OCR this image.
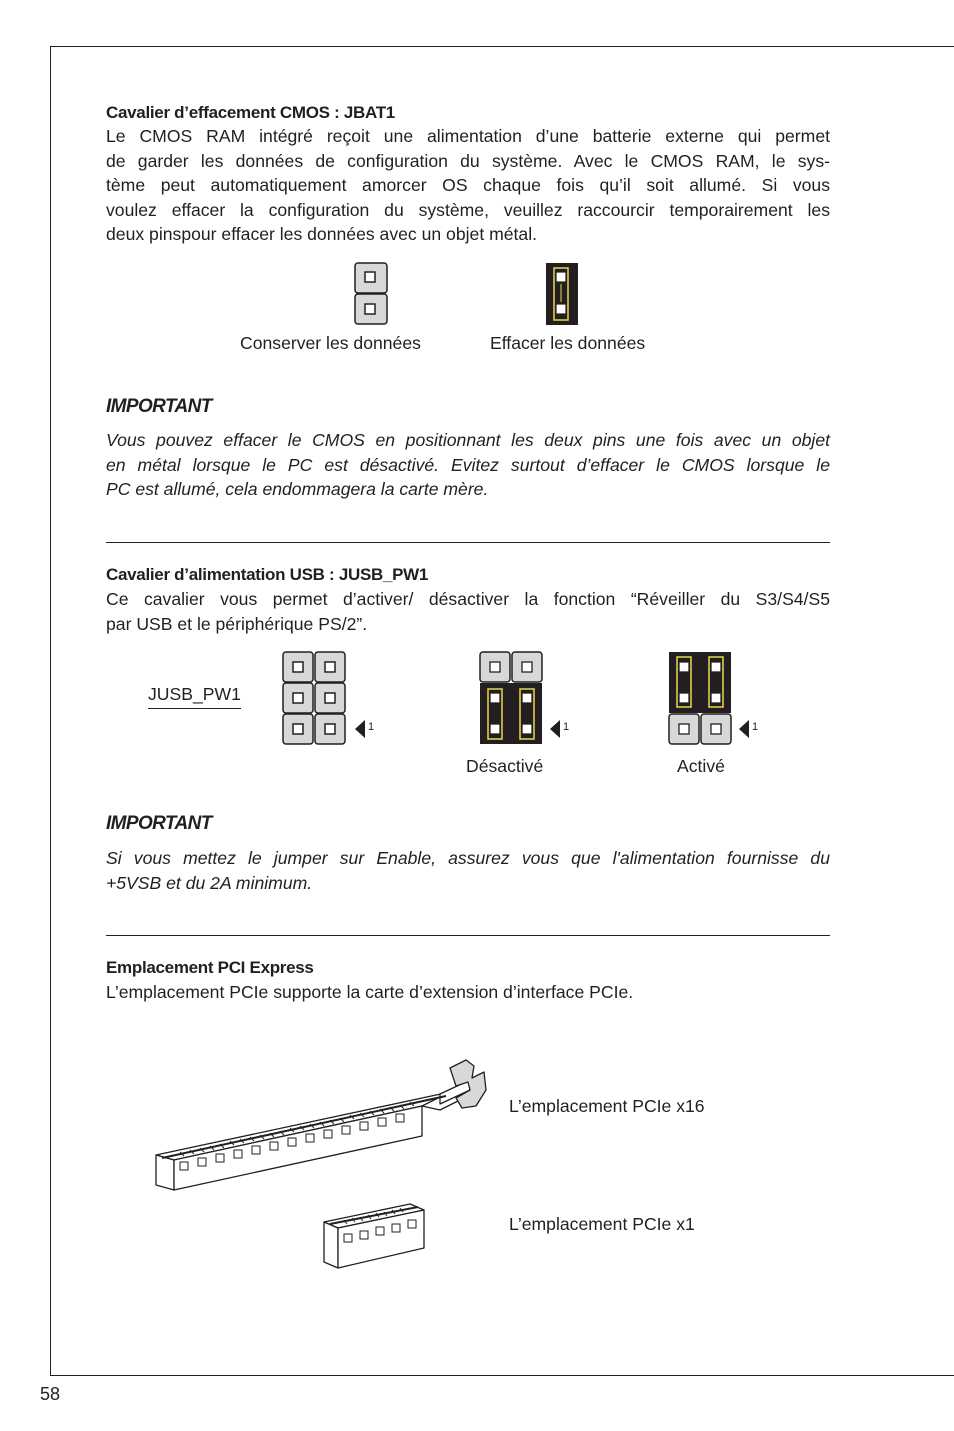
Cavalier d’effacement CMOS : JBAT1
Le CMOS RAM intégré reçoit une alimentation d’une batterie externe qui permet
de garder les données de configuration du système. Avec le CMOS RAM, le sys-
tème peut automatiquement amorcer OS chaque fois qu’il soit allumé. Si vous
voulez effacer la configuration du système, veuillez raccourcir temporairement les
deux pinspour effacer les données avec un objet métal.
Conserver les données	Effacer les données
IMPORTANT
Vous pouvez effacer le CMOS en positionnant les deux pins une fois avec un objet
en métal lorsque le PC est désactivé. Evitez surtout d’effacer le CMOS lorsque le
PC est allumé, cela endommagera la carte mère.
Cavalier d’alimentation USB : JUSB_PW1
Ce cavalier vous permet d’activer/ désactiver la fonction “Réveiller du S3/S4/S5
par USB et le périphérique PS/2”.
JUSB_PW1
1	1	1
Désactivé	Activé
IMPORTANT
Si vous mettez le jumper sur Enable, assurez vous que l'alimentation fournisse du
+5VSB et du 2A minimum.
Emplacement PCI Express
L’emplacement PCIe supporte la carte d’extension d’interface PCIe.
L’emplacement PCIe x16
L’emplacement PCIe x1
58
